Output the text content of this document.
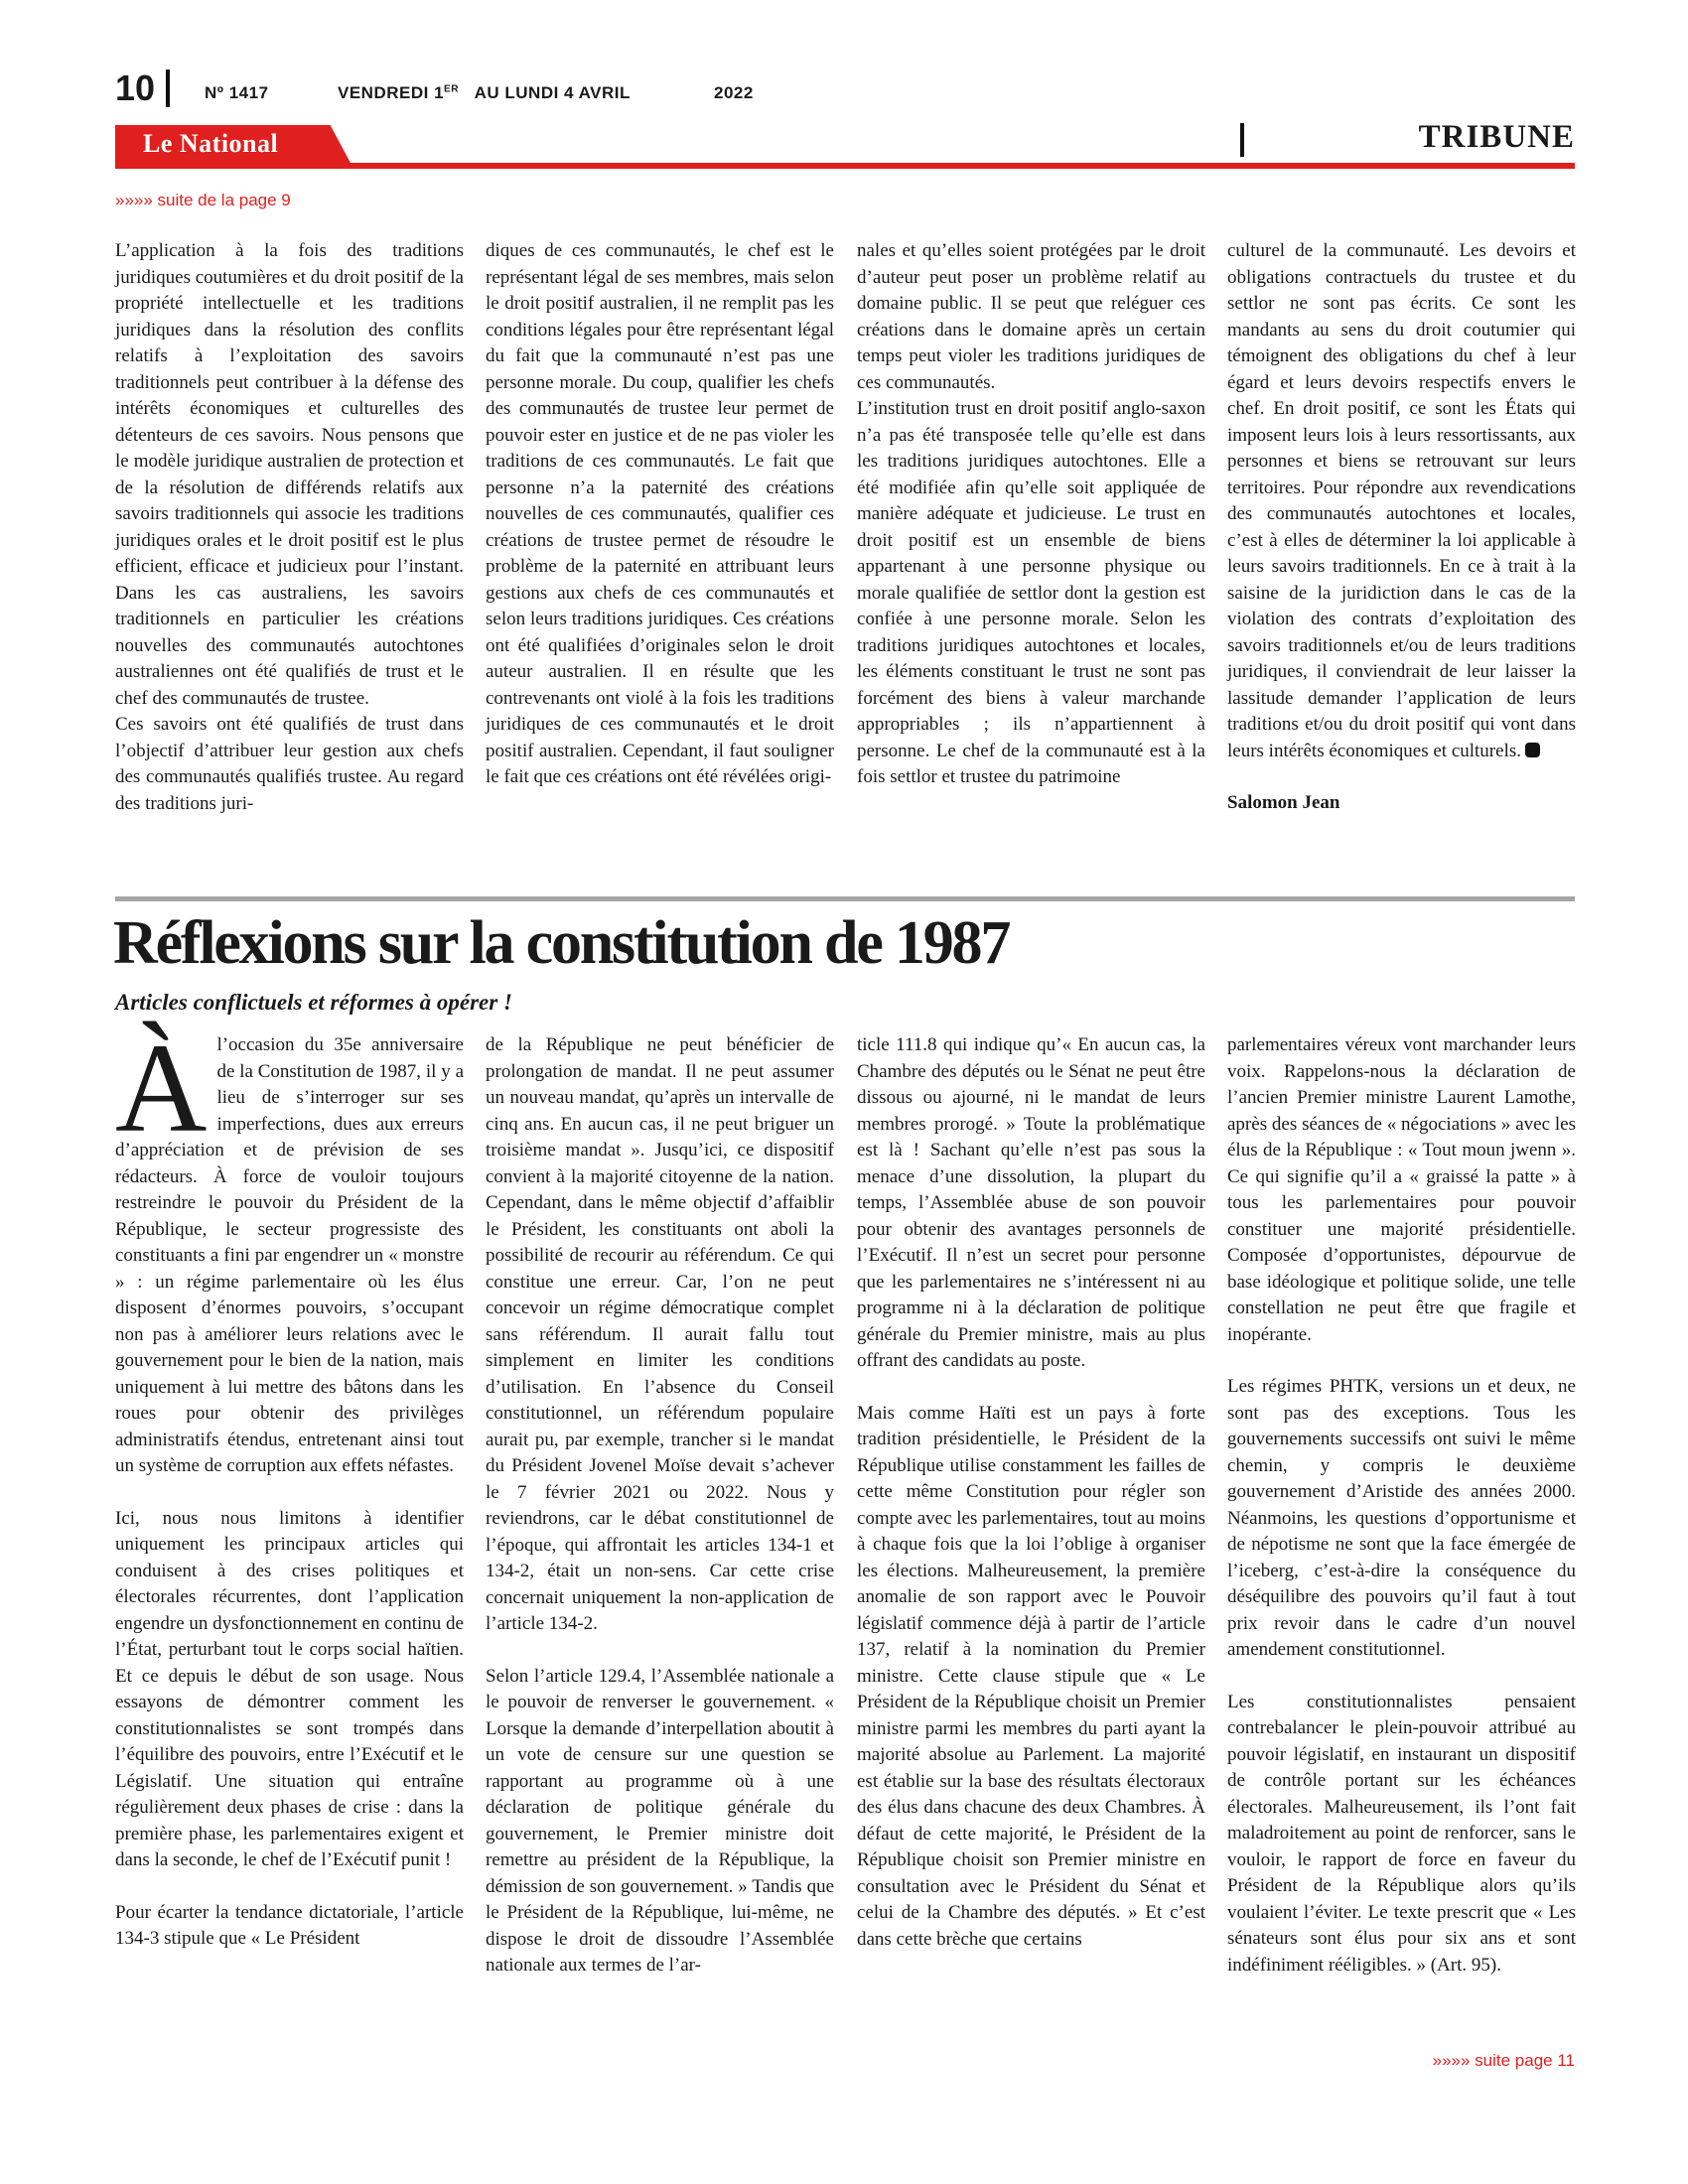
10	Nº 1417	VENDREDI 1ER AU LUNDI 4 AVRIL	2022
Le National	TRIBUNE
»»»» suite de la page 9

L’application à la fois des traditions juridiques coutumières et du droit positif de la propriété intellectuelle et les traditions juridiques dans la résolution des conflits relatifs à l’exploitation des savoirs traditionnels peut contribuer à la défense des intérêts économiques et culturelles des détenteurs de ces savoirs. Nous pensons que le modèle juridique australien de protection et de la résolution de différends relatifs aux savoirs traditionnels qui associe les traditions juridiques orales et le droit positif est le plus efficient, efficace et judicieux pour l’instant. Dans les cas australiens, les savoirs traditionnels en particulier les créations nouvelles des communautés autochtones australiennes ont été qualifiés de trust et le chef des communautés de trustee.

Ces savoirs ont été qualifiés de trust dans l’objectif d’attribuer leur gestion aux chefs des communautés qualifiés trustee. Au regard des traditions juri-

diques de ces communautés, le chef est le représentant légal de ses membres, mais selon le droit positif australien, il ne remplit pas les conditions légales pour être représentant légal du fait que la communauté n’est pas une personne morale. Du coup, qualifier les chefs des communautés de trustee leur permet de pouvoir ester en justice et de ne pas violer les traditions de ces communautés. Le fait que personne n’a la paternité des créations nouvelles de ces communautés, qualifier ces créations de trustee permet de résoudre le problème de la paternité en attribuant leurs gestions aux chefs de ces communautés et selon leurs traditions juridiques. Ces créations ont été qualifiées d’originales selon le droit auteur australien. Il en résulte que les contrevenants ont violé à la fois les traditions juridiques de ces communautés et le droit positif australien. Cependant, il faut souligner le fait que ces créations ont été révélées origi-

nales et qu’elles soient protégées par le droit d’auteur peut poser un problème relatif au domaine public. Il se peut que reléguer ces créations dans le domaine après un certain temps peut violer les traditions juridiques de ces communautés.

L’institution trust en droit positif anglo-saxon n’a pas été transposée telle qu’elle est dans les traditions juridiques autochtones. Elle a été modifiée afin qu’elle soit appliquée de manière adéquate et judicieuse. Le trust en droit positif est un ensemble de biens appartenant à une personne physique ou morale qualifiée de settlor dont la gestion est confiée à une personne morale. Selon les traditions juridiques autochtones et locales, les éléments constituant le trust ne sont pas forcément des biens à valeur marchande appropriables ; ils n’appartiennent à personne. Le chef de la communauté est à la fois settlor et trustee du patrimoine

culturel de la communauté. Les devoirs et obligations contractuels du trustee et du settlor ne sont pas écrits. Ce sont les mandants au sens du droit coutumier qui témoignent des obligations du chef à leur égard et leurs devoirs respectifs envers le chef. En droit positif, ce sont les États qui imposent leurs lois à leurs ressortissants, aux personnes et biens se retrouvant sur leurs territoires. Pour répondre aux revendications des communautés autochtones et locales, c’est à elles de déterminer la loi applicable à leurs savoirs traditionnels. En ce à trait à la saisine de la juridiction dans le cas de la violation des contrats d’exploitation des savoirs traditionnels et/ou de leurs traditions juridiques, il conviendrait de leur laisser la lassitude demander l’application de leurs traditions et/ou du droit positif qui vont dans leurs intérêts économiques et culturels.

Salomon Jean

Réflexions sur la constitution de 1987
Articles conflictuels et réformes à opérer !

Àl’occasion du 35e anniversaire de la Constitution de 1987, il y a lieu de s’interroger sur ses imperfections, dues aux erreurs d’appréciation et de prévision de ses rédacteurs. À force de vouloir toujours restreindre le pouvoir du Président de la République, le secteur progressiste des constituants a fini par engendrer un « monstre » : un régime parlementaire où les élus disposent d’énormes pouvoirs, s’occupant non pas à améliorer leurs relations avec le gouvernement pour le bien de la nation, mais uniquement à lui mettre des bâtons dans les roues pour obtenir des privilèges administratifs étendus, entretenant ainsi tout un système de corruption aux effets néfastes.

Ici, nous nous limitons à identifier uniquement les principaux articles qui conduisent à des crises politiques et électorales récurrentes, dont l’application engendre un dysfonctionnement en continu de l’État, perturbant tout le corps social haïtien. Et ce depuis le début de son usage. Nous essayons de démontrer comment les constitutionnalistes se sont trompés dans l’équilibre des pouvoirs, entre l’Exécutif et le Législatif. Une situation qui entraîne régulièrement deux phases de crise : dans la première phase, les parlementaires exigent et dans la seconde, le chef de l’Exécutif punit !

Pour écarter la tendance dictatoriale, l’article 134-3 stipule que « Le Président

de la République ne peut bénéficier de prolongation de mandat. Il ne peut assumer un nouveau mandat, qu’après un intervalle de cinq ans. En aucun cas, il ne peut briguer un troisième mandat ». Jusqu’ici, ce dispositif convient à la majorité citoyenne de la nation. Cependant, dans le même objectif d’affaiblir le Président, les constituants ont aboli la possibilité de recourir au référendum. Ce qui constitue une erreur. Car, l’on ne peut concevoir un régime démocratique complet sans référendum. Il aurait fallu tout simplement en limiter les conditions d’utilisation. En l’absence du Conseil constitutionnel, un référendum populaire aurait pu, par exemple, trancher si le mandat du Président Jovenel Moïse devait s’achever le 7 février 2021 ou 2022. Nous y reviendrons, car le débat constitutionnel de l’époque, qui affrontait les articles 134-1 et 134-2, était un non-sens. Car cette crise concernait uniquement la non-application de l’article 134-2.

Selon l’article 129.4, l’Assemblée nationale a le pouvoir de renverser le gouvernement. « Lorsque la demande d’interpellation aboutit à un vote de censure sur une question se rapportant au programme où à une déclaration de politique générale du gouvernement, le Premier ministre doit remettre au président de la République, la démission de son gouvernement. » Tandis que le Président de la République, lui-même, ne dispose le droit de dissoudre l’Assemblée nationale aux termes de l’ar-

ticle 111.8 qui indique qu’« En aucun cas, la Chambre des députés ou le Sénat ne peut être dissous ou ajourné, ni le mandat de leurs membres prorogé. » Toute la problématique est là ! Sachant qu’elle n’est pas sous la menace d’une dissolution, la plupart du temps, l’Assemblée abuse de son pouvoir pour obtenir des avantages personnels de l’Exécutif. Il n’est un secret pour personne que les parlementaires ne s’intéressent ni au programme ni à la déclaration de politique générale du Premier ministre, mais au plus offrant des candidats au poste.

Mais comme Haïti est un pays à forte tradition présidentielle, le Président de la République utilise constamment les failles de cette même Constitution pour régler son compte avec les parlementaires, tout au moins à chaque fois que la loi l’oblige à organiser les élections. Malheureusement, la première anomalie de son rapport avec le Pouvoir législatif commence déjà à partir de l’article 137, relatif à la nomination du Premier ministre. Cette clause stipule que « Le Président de la République choisit un Premier ministre parmi les membres du parti ayant la majorité absolue au Parlement. La majorité est établie sur la base des résultats électoraux des élus dans chacune des deux Chambres. À défaut de cette majorité, le Président de la République choisit son Premier ministre en consultation avec le Président du Sénat et celui de la Chambre des députés. » Et c’est dans cette brèche que certains

parlementaires véreux vont marchander leurs voix. Rappelons-nous la déclaration de l’ancien Premier ministre Laurent Lamothe, après des séances de « négociations » avec les élus de la République : « Tout moun jwenn ». Ce qui signifie qu’il a « graissé la patte » à tous les parlementaires pour pouvoir constituer une majorité présidentielle. Composée d’opportunistes, dépourvue de base idéologique et politique solide, une telle constellation ne peut être que fragile et inopérante.

Les régimes PHTK, versions un et deux, ne sont pas des exceptions. Tous les gouvernements successifs ont suivi le même chemin, y compris le deuxième gouvernement d’Aristide des années 2000. Néanmoins, les questions d’opportunisme et de népotisme ne sont que la face émergée de l’iceberg, c’est-à-dire la conséquence du déséquilibre des pouvoirs qu’il faut à tout prix revoir dans le cadre d’un nouvel amendement constitutionnel.

Les constitutionnalistes pensaient contrebalancer le plein-pouvoir attribué au pouvoir législatif, en instaurant un dispositif de contrôle portant sur les échéances électorales. Malheureusement, ils l’ont fait maladroitement au point de renforcer, sans le vouloir, le rapport de force en faveur du Président de la République alors qu’ils voulaient l’éviter. Le texte prescrit que « Les sénateurs sont élus pour six ans et sont indéfiniment rééligibles. » (Art. 95).

»»»» suite page 11
